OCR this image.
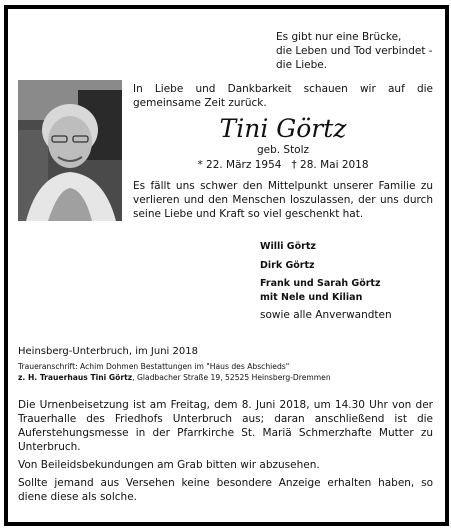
Es gibt nur eine Brücke,
die Leben und Tod verbindet -
die Liebe.
In Liebe und Dankbarkeit schauen wir auf die gemeinsame Zeit zurück.
Tini Görtz
geb. Stolz
* 22. März 1954 † 28. Mai 2018
Es fällt uns schwer den Mittelpunkt unserer Familie zu verlieren und den Menschen loszulassen, der uns durch seine Liebe und Kraft so viel geschenkt hat.
Willi Görtz
Dirk Görtz
Frank und Sarah Görtz
mit Nele und Kilian
sowie alle Anverwandten
Heinsberg-Unterbruch, im Juni 2018
Traueranschrift: Achim Dohmen Bestattungen im "Haus des Abschieds"
z. H. Trauerhaus Tini Görtz, Gladbacher Straße 19, 52525 Heinsberg-Dremmen
Die Urnenbeisetzung ist am Freitag, dem 8. Juni 2018, um 14.30 Uhr von der Trauerhalle des Friedhofs Unterbruch aus; daran anschließend ist die Auferstehungsmesse in der Pfarrkirche St. Mariä Schmerzhafte Mutter zu Unterbruch.
Von Beileidsbekundungen am Grab bitten wir abzusehen.
Sollte jemand aus Versehen keine besondere Anzeige erhalten haben, so diene diese als solche.
